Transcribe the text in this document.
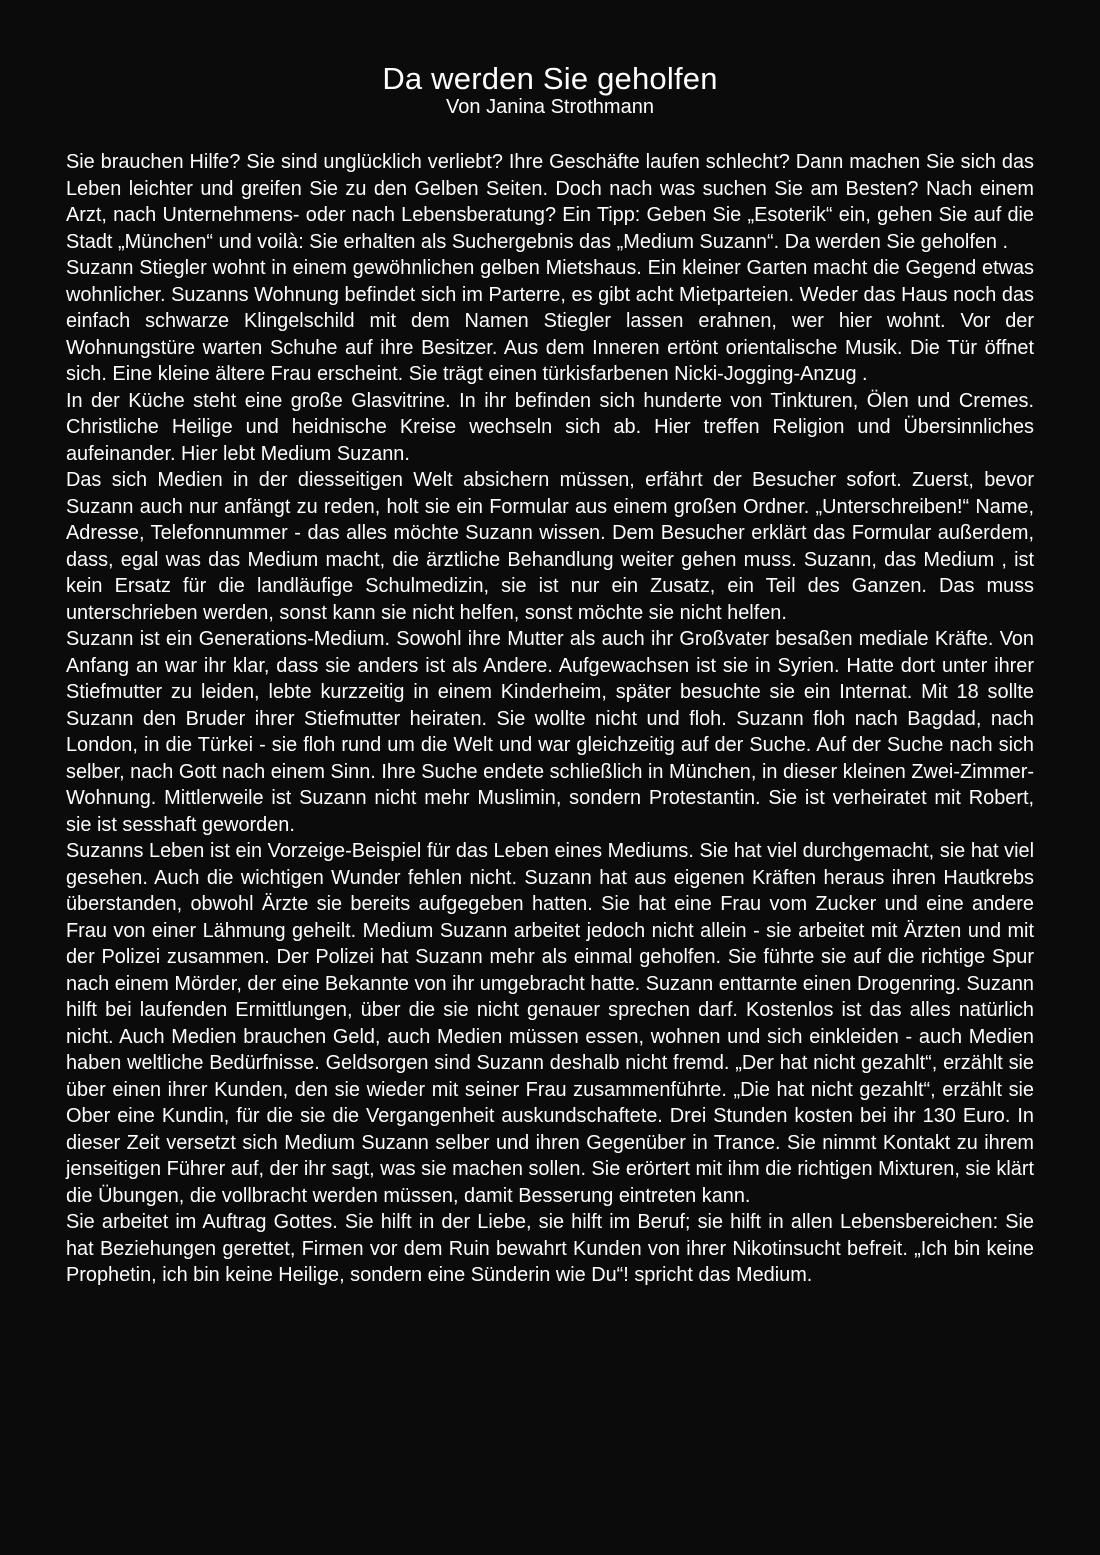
Da werden Sie geholfen

Von Janina Strothmann

Sie brauchen Hilfe? Sie sind unglücklich verliebt? Ihre Geschäfte laufen schlecht? Dann machen Sie sich das Leben leichter und greifen Sie zu den Gelben Seiten. Doch nach was suchen Sie am Besten? Nach einem Arzt, nach Unternehmens- oder nach Lebensberatung? Ein Tipp: Geben Sie „Esoterik“ ein, gehen Sie auf die Stadt „München“ und voilà: Sie erhalten als Suchergebnis das „Medium Suzann“. Da werden Sie geholfen .

Suzann Stiegler wohnt in einem gewöhnlichen gelben Mietshaus. Ein kleiner Garten macht die Gegend etwas wohnlicher. Suzanns Wohnung befindet sich im Parterre, es gibt acht Mietparteien. Weder das Haus noch das einfach schwarze Klingelschild mit dem Namen Stiegler lassen erahnen, wer hier wohnt. Vor der Wohnungstüre warten Schuhe auf ihre Besitzer. Aus dem Inneren ertönt orientalische Musik. Die Tür öffnet sich. Eine kleine ältere Frau erscheint. Sie trägt einen türkisfarbenen Nicki-Jogging-Anzug .

In der Küche steht eine große Glasvitrine. In ihr befinden sich hunderte von Tinkturen, Ölen und Cremes. Christliche Heilige und heidnische Kreise wechseln sich ab. Hier treffen Religion und Übersinnliches aufeinander. Hier lebt Medium Suzann.

Das sich Medien in der diesseitigen Welt absichern müssen, erfährt der Besucher sofort. Zuerst, bevor Suzann auch nur anfängt zu reden, holt sie ein Formular aus einem großen Ordner. „Unterschreiben!“ Name, Adresse, Telefonnummer - das alles möchte Suzann wissen. Dem Besucher erklärt das Formular außerdem, dass, egal was das Medium macht, die ärztliche Behandlung weiter gehen muss. Suzann, das Medium , ist kein Ersatz für die landläufige Schulmedizin, sie ist nur ein Zusatz, ein Teil des Ganzen. Das muss unterschrieben werden, sonst kann sie nicht helfen, sonst möchte sie nicht helfen.

Suzann ist ein Generations-Medium. Sowohl ihre Mutter als auch ihr Großvater besaßen mediale Kräfte. Von Anfang an war ihr klar, dass sie anders ist als Andere. Aufgewachsen ist sie in Syrien. Hatte dort unter ihrer Stiefmutter zu leiden, lebte kurzzeitig in einem Kinderheim, später besuchte sie ein Internat. Mit 18 sollte Suzann den Bruder ihrer Stiefmutter heiraten. Sie wollte nicht und floh. Suzann floh nach Bagdad, nach London, in die Türkei - sie floh rund um die Welt und war gleichzeitig auf der Suche. Auf der Suche nach sich selber, nach Gott nach einem Sinn. Ihre Suche endete schließlich in München, in dieser kleinen Zwei-Zimmer-Wohnung. Mittlerweile ist Suzann nicht mehr Muslimin, sondern Protestantin. Sie ist verheiratet mit Robert, sie ist sesshaft geworden.

Suzanns Leben ist ein Vorzeige-Beispiel für das Leben eines Mediums. Sie hat viel durchgemacht, sie hat viel gesehen. Auch die wichtigen Wunder fehlen nicht. Suzann hat aus eigenen Kräften heraus ihren Hautkrebs überstanden, obwohl Ärzte sie bereits aufgegeben hatten. Sie hat eine Frau vom Zucker und eine andere Frau von einer Lähmung geheilt. Medium Suzann arbeitet jedoch nicht allein - sie arbeitet mit Ärzten und mit der Polizei zusammen. Der Polizei hat Suzann mehr als einmal geholfen. Sie führte sie auf die richtige Spur nach einem Mörder, der eine Bekannte von ihr umgebracht hatte. Suzann enttarnte einen Drogenring. Suzann hilft bei laufenden Ermittlungen, über die sie nicht genauer sprechen darf. Kostenlos ist das alles natürlich nicht. Auch Medien brauchen Geld, auch Medien müssen essen, wohnen und sich einkleiden - auch Medien haben weltliche Bedürfnisse. Geldsorgen sind Suzann deshalb nicht fremd. „Der hat nicht gezahlt“, erzählt sie über einen ihrer Kunden, den sie wieder mit seiner Frau zusammenführte. „Die hat nicht gezahlt“, erzählt sie Ober eine Kundin, für die sie die Vergangenheit auskundschaftete. Drei Stunden kosten bei ihr 130 Euro. In dieser Zeit versetzt sich Medium Suzann selber und ihren Gegenüber in Trance. Sie nimmt Kontakt zu ihrem jenseitigen Führer auf, der ihr sagt, was sie machen sollen. Sie erörtert mit ihm die richtigen Mixturen, sie klärt die Übungen, die vollbracht werden müssen, damit Besserung eintreten kann.

Sie arbeitet im Auftrag Gottes. Sie hilft in der Liebe, sie hilft im Beruf; sie hilft in allen Lebensbereichen: Sie hat Beziehungen gerettet, Firmen vor dem Ruin bewahrt Kunden von ihrer Nikotinsucht befreit. „Ich bin keine Prophetin, ich bin keine Heilige, sondern eine Sünderin wie Du“! spricht das Medium.
